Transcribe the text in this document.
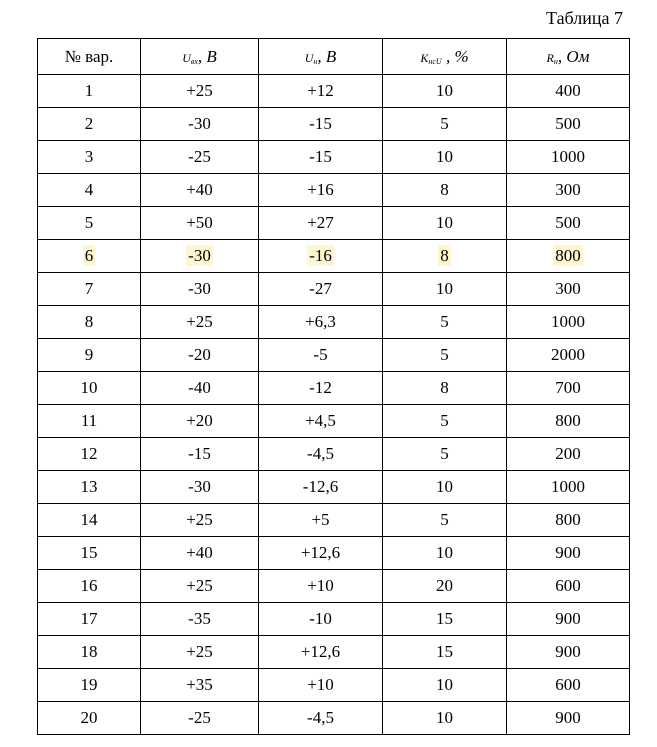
Таблица 7
№ вар.	$U_{вх}$, В	$U_н$, В	$K_{нсU}$ , %	$R_н$, Ом
1	+25	+12	10	400
2	-30	-15	5	500
3	-25	-15	10	1000
4	+40	+16	8	300
5	+50	+27	10	500
6	-30	-16	8	800
7	-30	-27	10	300
8	+25	+6,3	5	1000
9	-20	-5	5	2000
10	-40	-12	8	700
11	+20	+4,5	5	800
12	-15	-4,5	5	200
13	-30	-12,6	10	1000
14	+25	+5	5	800
15	+40	+12,6	10	900
16	+25	+10	20	600
17	-35	-10	15	900
18	+25	+12,6	15	900
19	+35	+10	10	600
20	-25	-4,5	10	900
